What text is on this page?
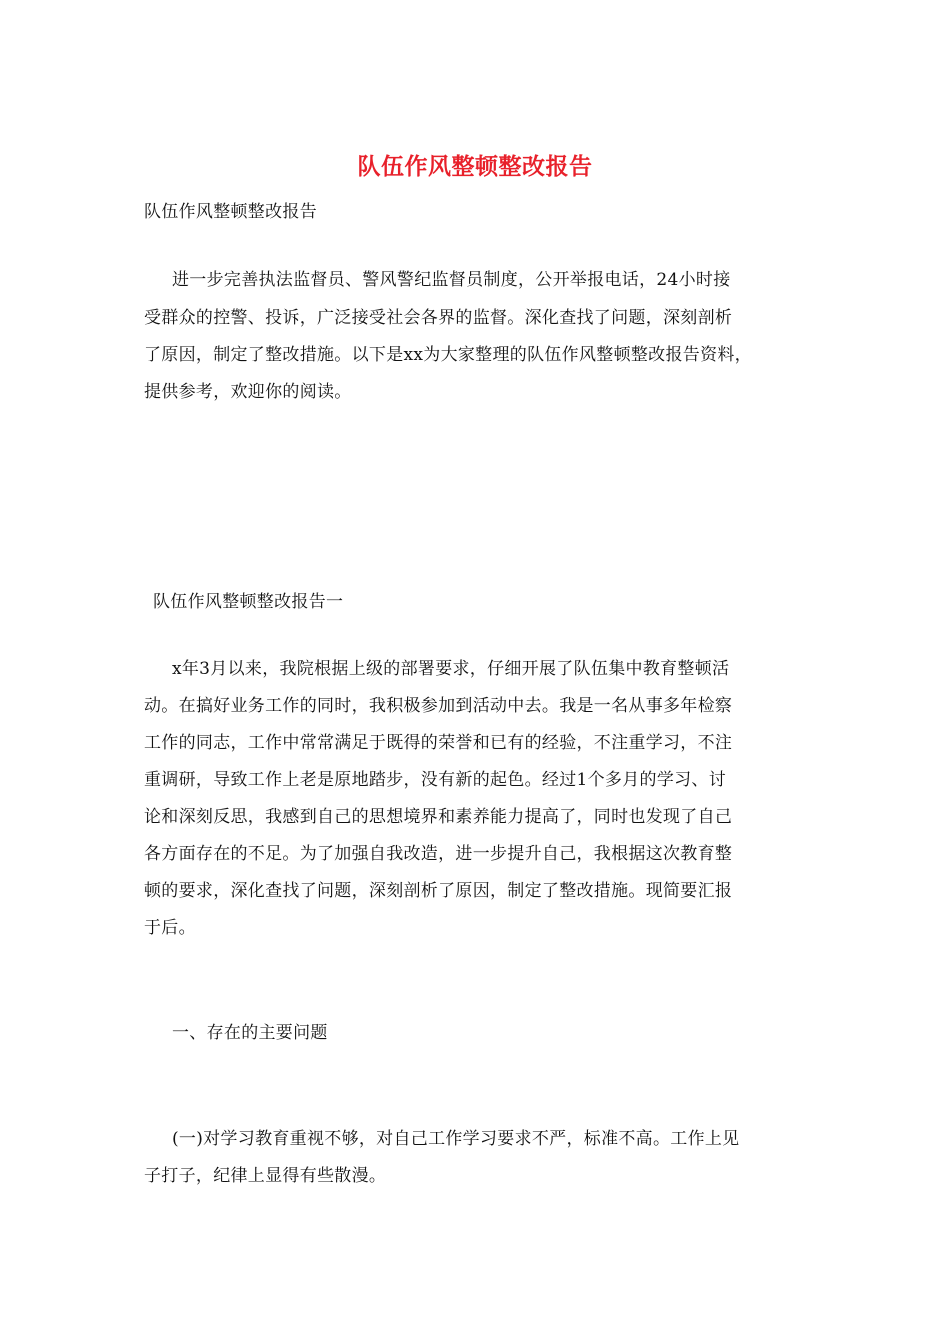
队伍作风整顿整改报告
队伍作风整顿整改报告
进一步完善执法监督员、警风警纪监督员制度，公开举报电话，24小时接
受群众的控警、投诉，广泛接受社会各界的监督。深化查找了问题，深刻剖析
了原因，制定了整改措施。以下是xx为大家整理的队伍作风整顿整改报告资料，
提供参考，欢迎你的阅读。
队伍作风整顿整改报告一
x年3月以来，我院根据上级的部署要求，仔细开展了队伍集中教育整顿活
动。在搞好业务工作的同时，我积极参加到活动中去。我是一名从事多年检察
工作的同志，工作中常常满足于既得的荣誉和已有的经验，不注重学习，不注
重调研，导致工作上老是原地踏步，没有新的起色。经过1个多月的学习、讨
论和深刻反思，我感到自己的思想境界和素养能力提高了，同时也发现了自己
各方面存在的不足。为了加强自我改造，进一步提升自己，我根据这次教育整
顿的要求，深化查找了问题，深刻剖析了原因，制定了整改措施。现简要汇报
于后。
一、存在的主要问题
(一)对学习教育重视不够，对自己工作学习要求不严，标准不高。工作上见
子打子，纪律上显得有些散漫。
